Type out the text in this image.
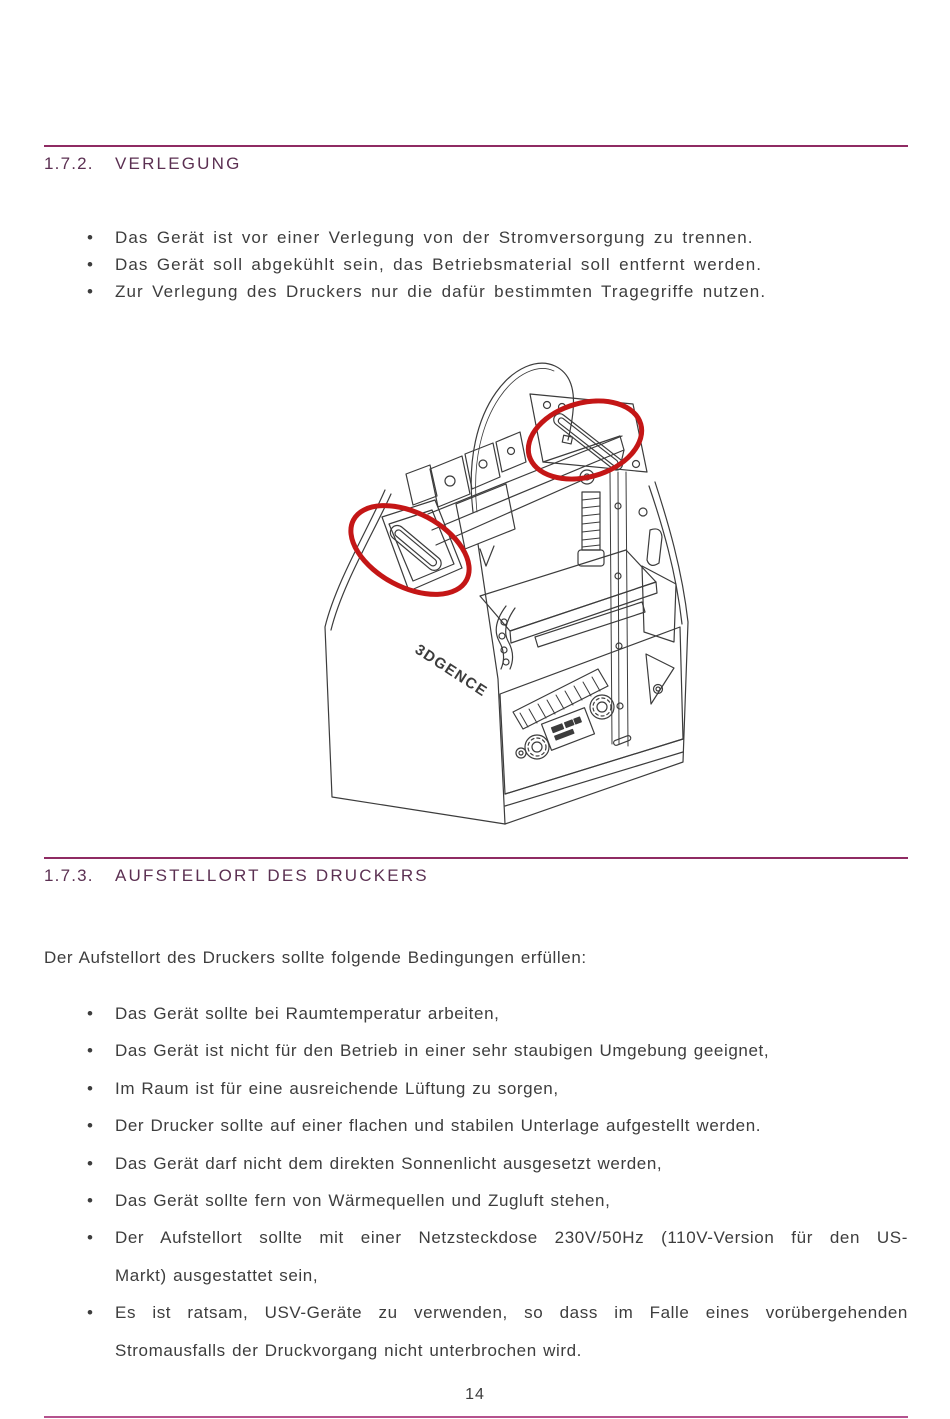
1.7.2. VERLEGUNG
• Das Gerät ist vor einer Verlegung von der Stromversorgung zu trennen.
• Das Gerät soll abgekühlt sein, das Betriebsmaterial soll entfernt werden.
• Zur Verlegung des Druckers nur die dafür bestimmten Tragegriffe nutzen.
3DGENCE
1.7.3. AUFSTELLORT DES DRUCKERS

Der Aufstellort des Druckers sollte folgende Bedingungen erfüllen:

• Das Gerät sollte bei Raumtemperatur arbeiten,
• Das Gerät ist nicht für den Betrieb in einer sehr staubigen Umgebung geeignet,
• Im Raum ist für eine ausreichende Lüftung zu sorgen,
• Der Drucker sollte auf einer flachen und stabilen Unterlage aufgestellt werden.
• Das Gerät darf nicht dem direkten Sonnenlicht ausgesetzt werden,
• Das Gerät sollte fern von Wärmequellen und Zugluft stehen,
• Der Aufstellort sollte mit einer Netzsteckdose 230V/50Hz (110V-Version für den US-
Markt) ausgestattet sein,
• Es ist ratsam, USV-Geräte zu verwenden, so dass im Falle eines vorübergehenden
Stromausfalls der Druckvorgang nicht unterbrochen wird.

14
